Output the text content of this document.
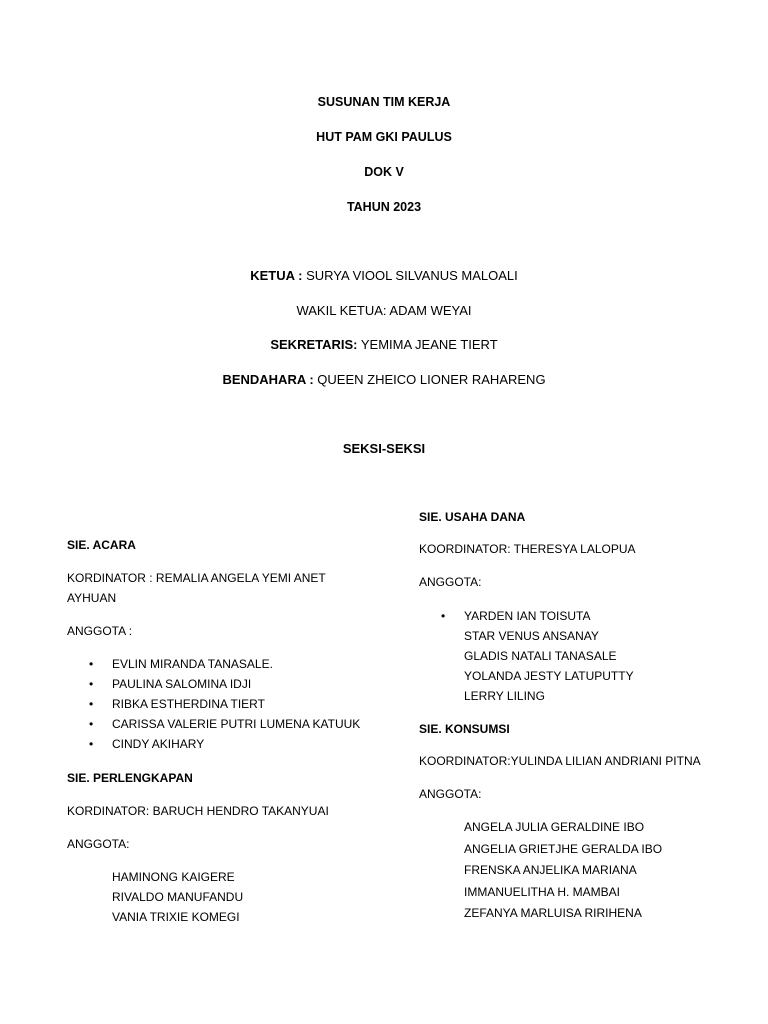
SUSUNAN TIM KERJA
HUT PAM GKI PAULUS
DOK V
TAHUN 2023
KETUA : SURYA VIOOL SILVANUS MALOALI
WAKIL KETUA: ADAM WEYAI
SEKRETARIS: YEMIMA JEANE TIERT
BENDAHARA : QUEEN ZHEICO LIONER RAHARENG
SEKSI-SEKSI
SIE. ACARA
KORDINATOR : REMALIA ANGELA YEMI ANET
AYHUAN
ANGGOTA :
• EVLIN MIRANDA TANASALE.
• PAULINA SALOMINA IDJI
• RIBKA ESTHERDINA TIERT
• CARISSA VALERIE PUTRI LUMENA KATUUK
• CINDY AKIHARY
SIE. PERLENGKAPAN
KORDINATOR: BARUCH HENDRO TAKANYUAI
ANGGOTA:
HAMINONG KAIGERE
RIVALDO MANUFANDU
VANIA TRIXIE KOMEGI
SIE. USAHA DANA
KOORDINATOR: THERESYA LALOPUA
ANGGOTA:
• YARDEN IAN TOISUTA
STAR VENUS ANSANAY
GLADIS NATALI TANASALE
YOLANDA JESTY LATUPUTTY
LERRY LILING
SIE. KONSUMSI
KOORDINATOR:YULINDA LILIAN ANDRIANI PITNA
ANGGOTA:
ANGELA JULIA GERALDINE IBO
ANGELIA GRIETJHE GERALDA IBO
FRENSKA ANJELIKA MARIANA
IMMANUELITHA H. MAMBAI
ZEFANYA MARLUISA RIRIHENA
